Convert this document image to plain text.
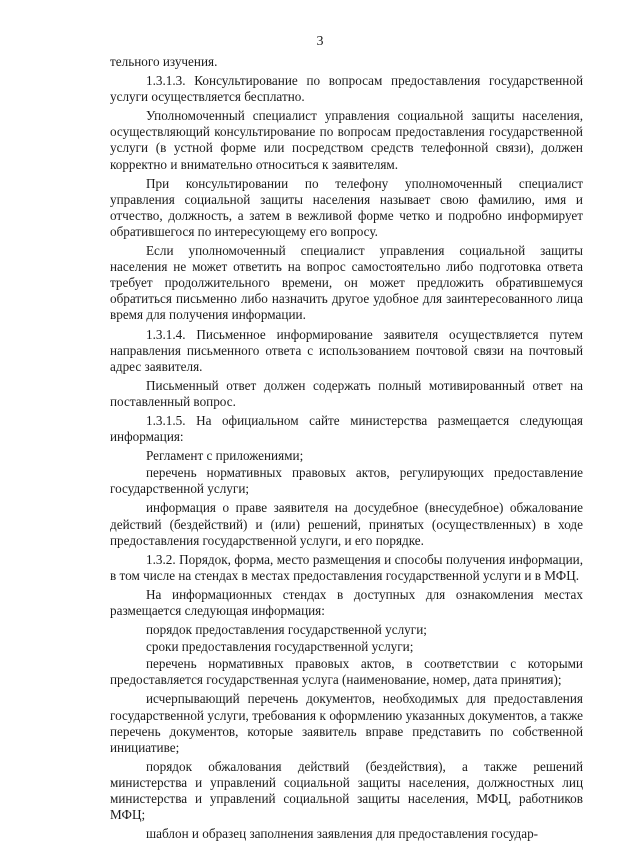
3

тельного изучения.

1.3.1.3. Консультирование по вопросам предоставления государственной услуги осуществляется бесплатно.

Уполномоченный специалист управления социальной защиты населения, осуществляющий консультирование по вопросам предоставления государственной услуги (в устной форме или посредством средств телефонной связи), должен корректно и внимательно относиться к заявителям.

При консультировании по телефону уполномоченный специалист управления социальной защиты населения называет свою фамилию, имя и отчество, должность, а затем в вежливой форме четко и подробно информирует обратившегося по интересующему его вопросу.

Если уполномоченный специалист управления социальной защиты населения не может ответить на вопрос самостоятельно либо подготовка ответа требует продолжительного времени, он может предложить обратившемуся обратиться письменно либо назначить другое удобное для заинтересованного лица время для получения информации.

1.3.1.4. Письменное информирование заявителя осуществляется путем направления письменного ответа с использованием почтовой связи на почтовый адрес заявителя.

Письменный ответ должен содержать полный мотивированный ответ на поставленный вопрос.

1.3.1.5. На официальном сайте министерства размещается следующая информация:

Регламент с приложениями;

перечень нормативных правовых актов, регулирующих предоставление государственной услуги;

информация о праве заявителя на досудебное (внесудебное) обжалование действий (бездействий) и (или) решений, принятых (осуществленных) в ходе предоставления государственной услуги, и его порядке.

1.3.2. Порядок, форма, место размещения и способы получения информации, в том числе на стендах в местах предоставления государственной услуги и в МФЦ.

На информационных стендах в доступных для ознакомления местах размещается следующая информация:

порядок предоставления государственной услуги;

сроки предоставления государственной услуги;

перечень нормативных правовых актов, в соответствии с которыми предоставляется государственная услуга (наименование, номер, дата принятия);

исчерпывающий перечень документов, необходимых для предоставления государственной услуги, требования к оформлению указанных документов, а также перечень документов, которые заявитель вправе представить по собственной инициативе;

порядок обжалования действий (бездействия), а также решений министерства и управлений социальной защиты населения, должностных лиц министерства и управлений социальной защиты населения, МФЦ, работников МФЦ;

шаблон и образец заполнения заявления для предоставления государ-
